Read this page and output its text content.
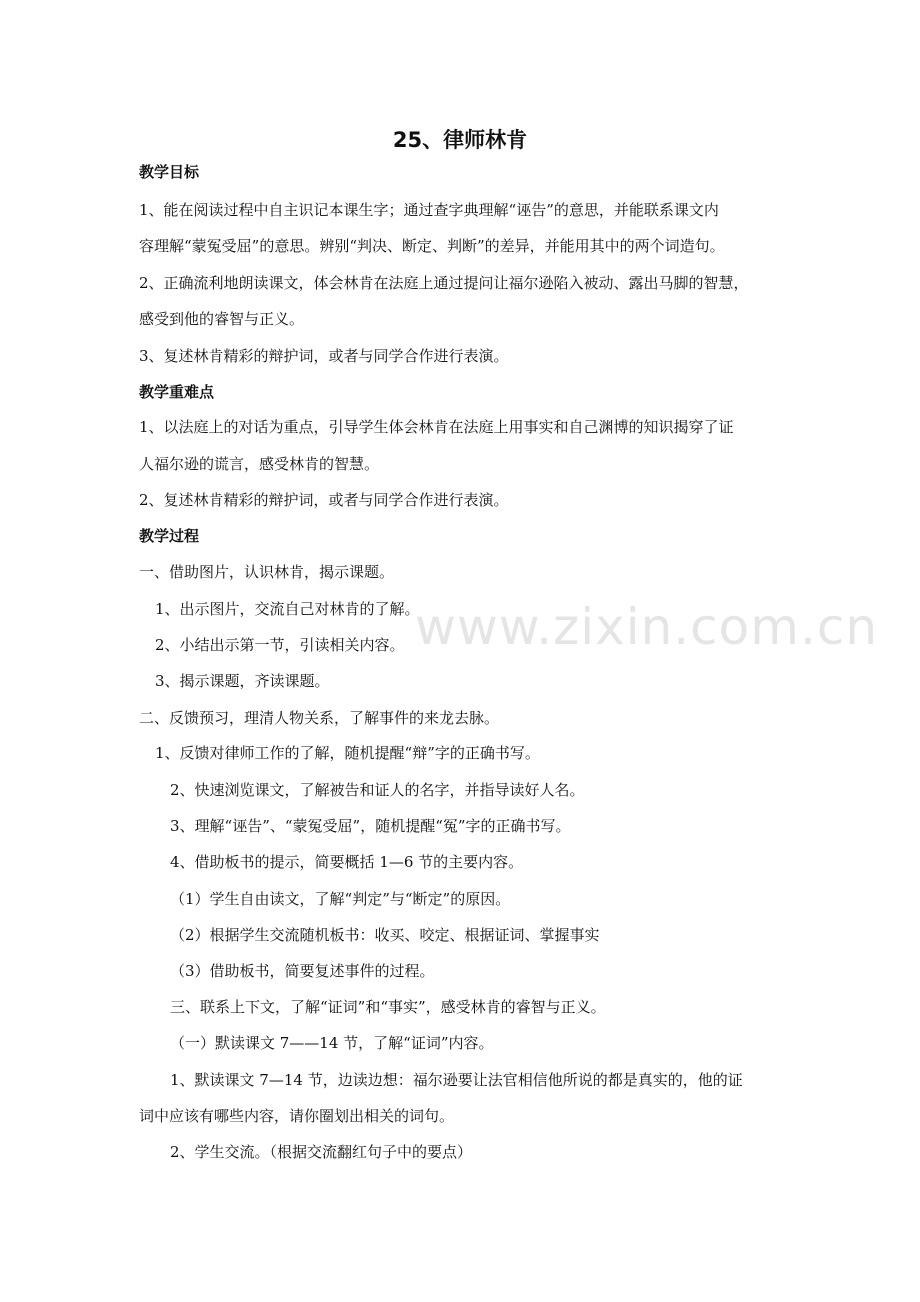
25、律师林肯
教学目标
1、能在阅读过程中自主识记本课生字；通过查字典理解“诬告”的意思，并能联系课文内
容理解“蒙冤受屈”的意思。辨别“判决、断定、判断”的差异，并能用其中的两个词造句。
2、正确流利地朗读课文，体会林肯在法庭上通过提问让福尔逊陷入被动、露出马脚的智慧，
感受到他的睿智与正义。
3、复述林肯精彩的辩护词，或者与同学合作进行表演。
教学重难点
1、以法庭上的对话为重点，引导学生体会林肯在法庭上用事实和自己渊博的知识揭穿了证
人福尔逊的谎言，感受林肯的智慧。
2、复述林肯精彩的辩护词，或者与同学合作进行表演。
教学过程
一、借助图片，认识林肯，揭示课题。
1、出示图片，交流自己对林肯的了解。
2、小结出示第一节，引读相关内容。
3、揭示课题，齐读课题。
二、反馈预习，理清人物关系，了解事件的来龙去脉。
1、反馈对律师工作的了解，随机提醒“辩”字的正确书写。
2、快速浏览课文，了解被告和证人的名字，并指导读好人名。
3、理解“诬告”、“蒙冤受屈”，随机提醒“冤”字的正确书写。
4、借助板书的提示，简要概括 1—6 节的主要内容。
（1）学生自由读文，了解“判定”与“断定”的原因。
（2）根据学生交流随机板书：收买、咬定、根据证词、掌握事实
（3）借助板书，简要复述事件的过程。
三、联系上下文，了解“证词”和“事实”，感受林肯的睿智与正义。
（一）默读课文 7——14 节，了解“证词”内容。
1、默读课文 7—14 节，边读边想：福尔逊要让法官相信他所说的都是真实的，他的证
词中应该有哪些内容，请你圈划出相关的词句。
2、学生交流。（根据交流翻红句子中的要点）
www.zixin.com.cn
